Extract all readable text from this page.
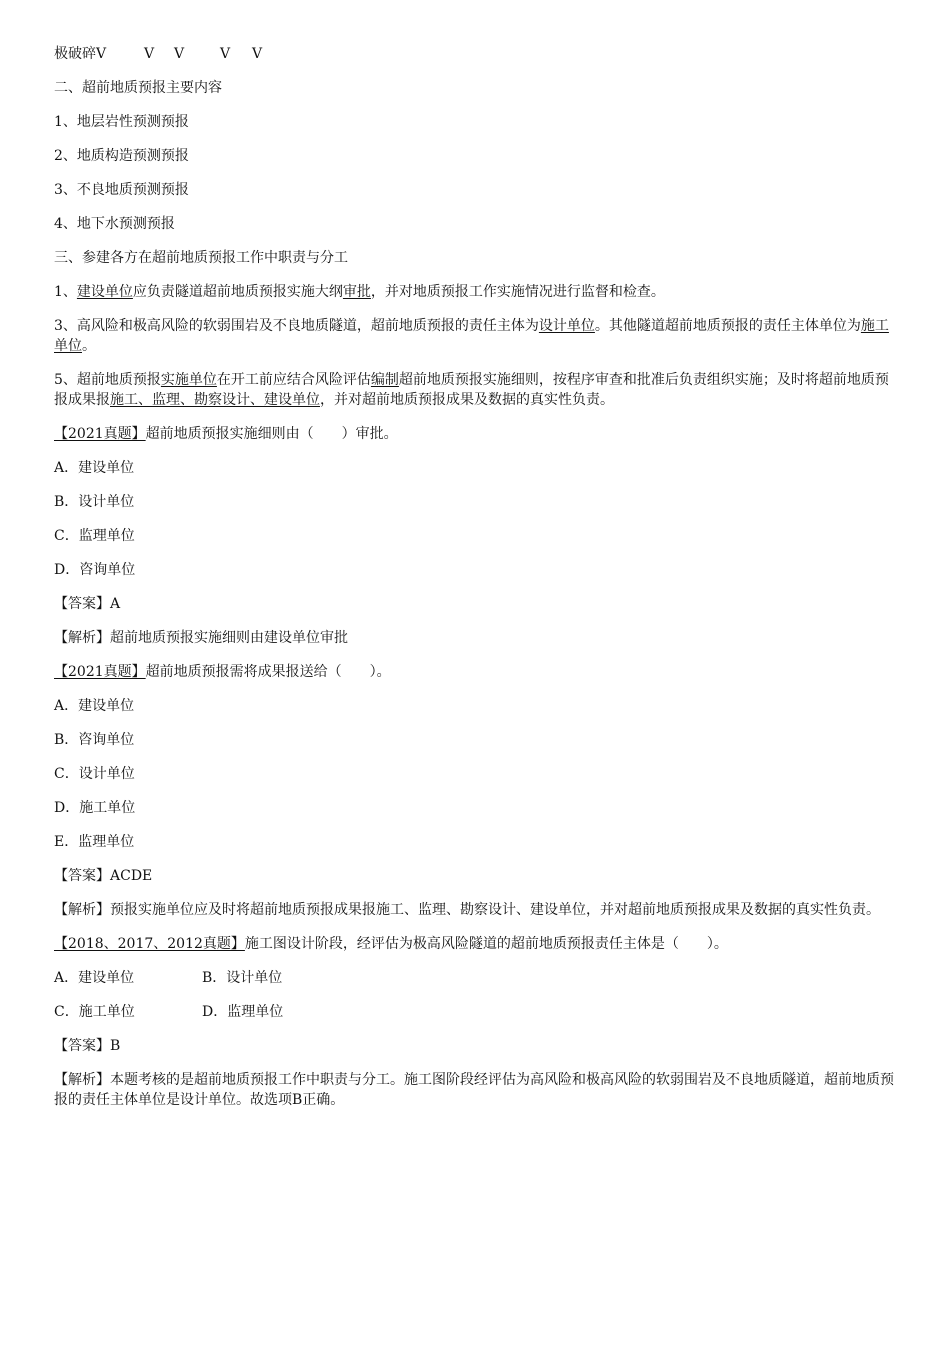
极破碎V	V V	V V

二、超前地质预报主要内容

1、地层岩性预测预报

2、地质构造预测预报

3、不良地质预测预报

4、地下水预测预报

三、参建各方在超前地质预报工作中职责与分工

1、建设单位应负责隧道超前地质预报实施大纲审批，并对地质预报工作实施情况进行监督和检查。

3、高风险和极高风险的软弱围岩及不良地质隧道，超前地质预报的责任主体为设计单位。其他隧道超前地质预报的责任主体单位为施工单位。

5、超前地质预报实施单位在开工前应结合风险评估编制超前地质预报实施细则，按程序审查和批准后负责组织实施；及时将超前地质预报成果报施工、监理、勘察设计、建设单位，并对超前地质预报成果及数据的真实性负责。

【2021真题】超前地质预报实施细则由（　　）审批。

A．建设单位

B．设计单位

C．监理单位

D．咨询单位

【答案】A

【解析】超前地质预报实施细则由建设单位审批

【2021真题】超前地质预报需将成果报送给（　　）。

A．建设单位

B．咨询单位

C．设计单位

D．施工单位

E．监理单位

【答案】ACDE

【解析】预报实施单位应及时将超前地质预报成果报施工、监理、勘察设计、建设单位，并对超前地质预报成果及数据的真实性负责。

【2018、2017、2012真题】施工图设计阶段，经评估为极高风险隧道的超前地质预报责任主体是（　　）。

A．建设单位	B．设计单位
C．施工单位	D．监理单位

【答案】B

【解析】本题考核的是超前地质预报工作中职责与分工。施工图阶段经评估为高风险和极高风险的软弱围岩及不良地质隧道，超前地质预报的责任主体单位是设计单位。故选项B正确。
